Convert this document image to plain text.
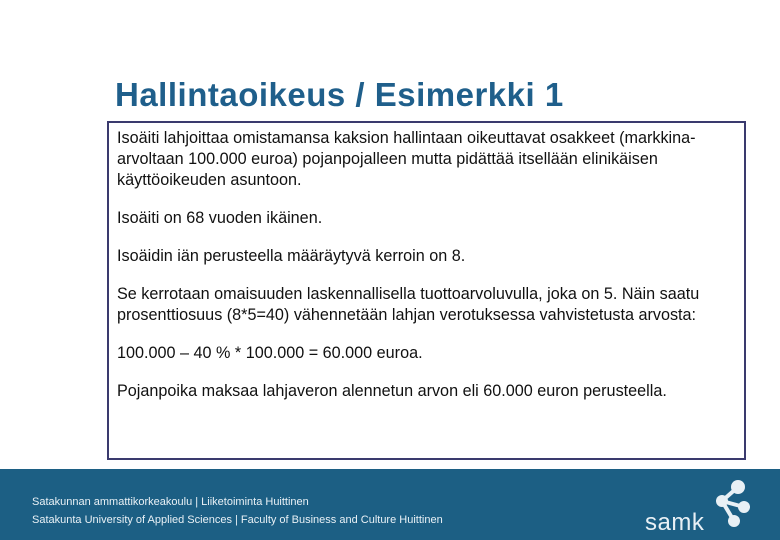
Hallintaoikeus / Esimerkki 1

Isoäiti lahjoittaa omistamansa kaksion hallintaan oikeuttavat osakkeet (markkina-arvoltaan 100.000 euroa) pojanpojalleen mutta pidättää itsellään elinikäisen käyttöoikeuden asuntoon.

Isoäiti on 68 vuoden ikäinen.

Isoäidin iän perusteella määräytyvä kerroin on 8.

Se kerrotaan omaisuuden laskennallisella tuottoarvoluvulla, joka on 5. Näin saatu prosenttiosuus (8*5=40) vähennetään lahjan verotuksessa vahvistetusta arvosta:

100.000 – 40 % * 100.000 = 60.000 euroa.

Pojanpoika maksaa lahjaveron alennetun arvon eli 60.000 euron perusteella.

Satakunnan ammattikorkeakoulu | Liiketoiminta Huittinen
Satakunta University of Applied Sciences | Faculty of Business and Culture Huittinen	samk
